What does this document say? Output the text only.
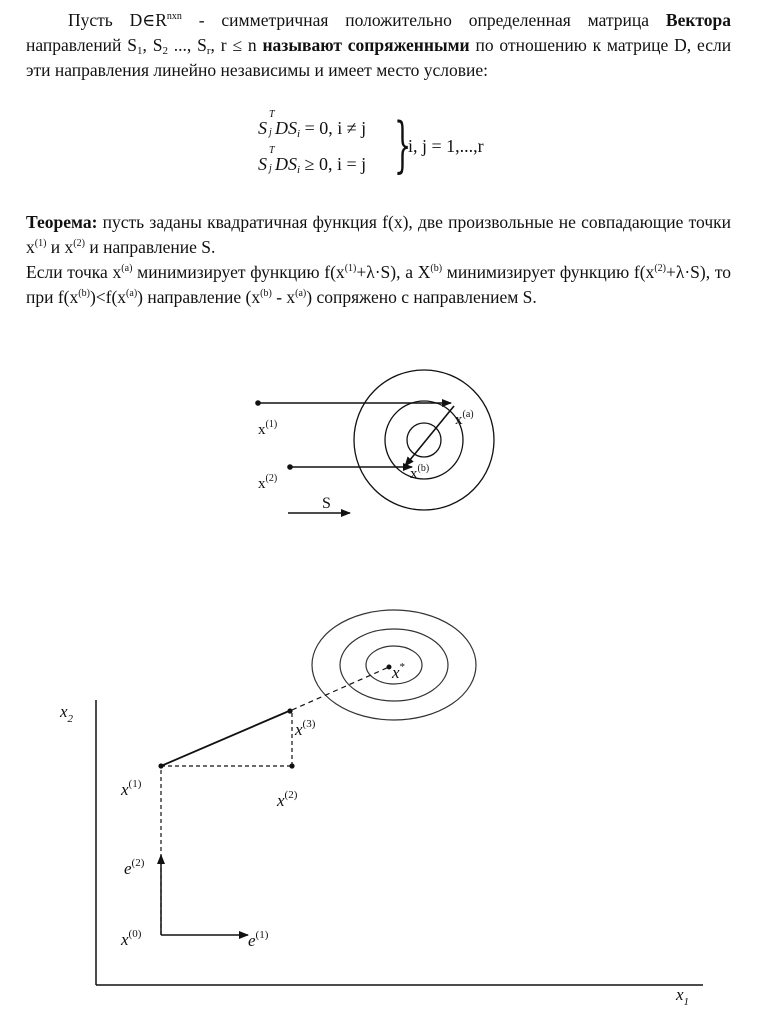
Пусть $D\in R^{nxn}$ - симметричная положительно определенная матрица Вектора направлений $S_1$, $S_2$ ..., $S_r$, r ≤ n называют сопряженными по отношению к матрице D, если эти направления линейно независимы и имеет место условие:
S
T
j $DS_i = 0$, i ≠ j
S
T
j $DS_i \ge 0$, i = j }
i, j = 1,...,r
Теорема: пусть заданы квадратичная функция f(x), две произвольные не совпадающие точки $x^{(1)}$ и $x^{(2)}$ и направление S.
Если точка $x^{(a)}$ минимизирует функцию $f(x^{(1)}+\lambda\cdot S)$, а $X^{(b)}$ минимизирует функцию $f(x^{(2)}+\lambda\cdot S)$, то при $f(x^{(b)})<f(x^{(a)})$ направление $(x^{(b)} - x^{(a)})$ сопряжено с направлением S.
$x^{(1)}$
$x^{(2)}$
$x^{(a)}$
$x^{(b)}$
S
$x_2$
$x_1$
$x^{(0)}$
$x^{(1)}$
$x^{(2)}$
$x^{(3)}$
x*
$e^{(1)}$
$e^{(2)}$
